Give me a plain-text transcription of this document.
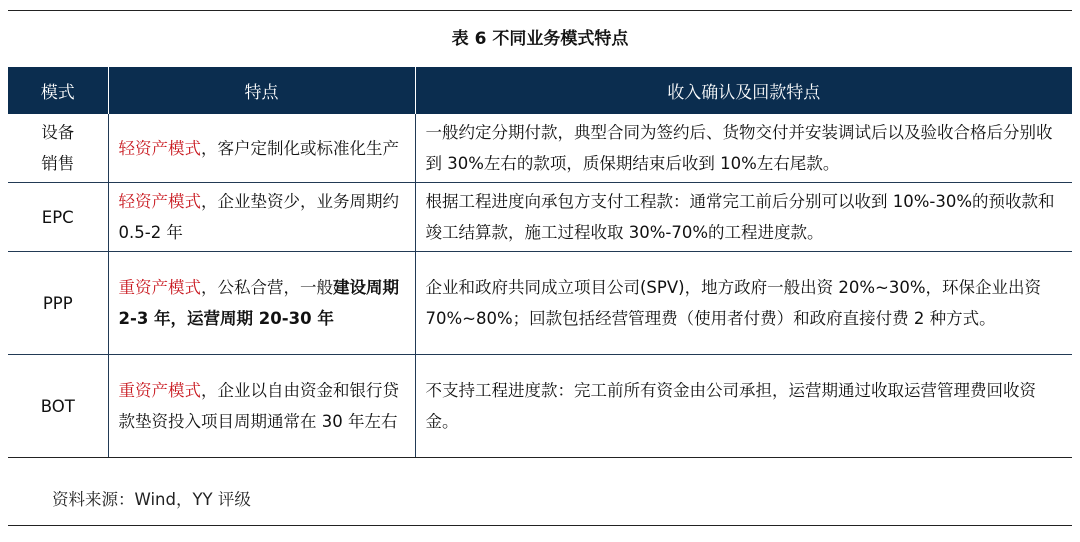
表 6 不同业务模式特点
模式	特点	收入确认及回款特点
设备销售	轻资产模式，客户定制化或标准化生产	一般约定分期付款，典型合同为签约后、货物交付并安装调试后以及验收合格后分别收到 30%左右的款项，质保期结束后收到 10%左右尾款。
EPC	轻资产模式，企业垫资少，业务周期约 0.5-2 年	根据工程进度向承包方支付工程款：通常完工前后分别可以收到 10%-30%的预收款和竣工结算款，施工过程收取 30%-70%的工程进度款。
PPP	重资产模式，公私合营，一般建设周期 2-3 年，运营周期 20-30 年	企业和政府共同成立项目公司(SPV)，地方政府一般出资 20%~30%，环保企业出资 70%~80%；回款包括经营管理费（使用者付费）和政府直接付费 2 种方式。
BOT	重资产模式，企业以自由资金和银行贷款垫资投入项目周期通常在 30 年左右	不支持工程进度款：完工前所有资金由公司承担，运营期通过收取运营管理费回收资金。
资料来源：Wind，YY 评级
